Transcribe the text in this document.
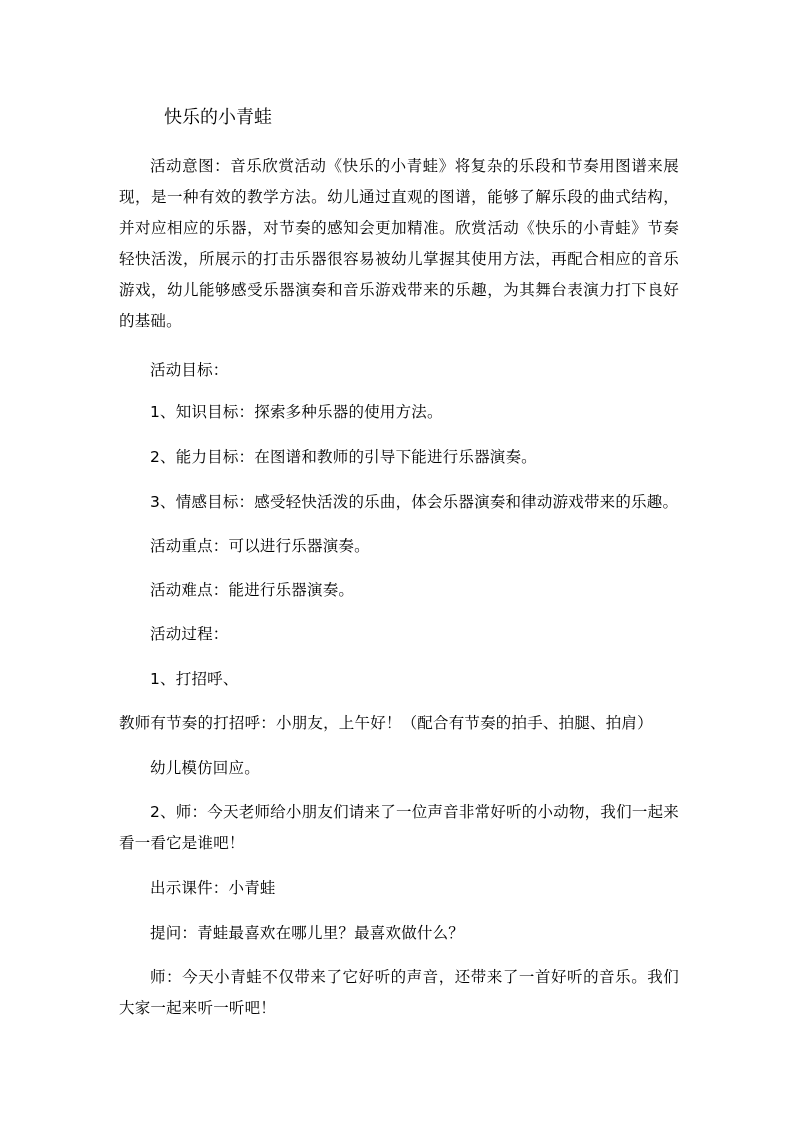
快乐的小青蛙

活动意图：音乐欣赏活动《快乐的小青蛙》将复杂的乐段和节奏用图谱来展现，是一种有效的教学方法。幼儿通过直观的图谱，能够了解乐段的曲式结构，并对应相应的乐器，对节奏的感知会更加精准。欣赏活动《快乐的小青蛙》节奏轻快活泼，所展示的打击乐器很容易被幼儿掌握其使用方法，再配合相应的音乐游戏，幼儿能够感受乐器演奏和音乐游戏带来的乐趣，为其舞台表演力打下良好的基础。

活动目标：

1、知识目标：探索多种乐器的使用方法。

2、能力目标：在图谱和教师的引导下能进行乐器演奏。

3、情感目标：感受轻快活泼的乐曲，体会乐器演奏和律动游戏带来的乐趣。

活动重点：可以进行乐器演奏。

活动难点：能进行乐器演奏。

活动过程：

1、打招呼、

教师有节奏的打招呼：小朋友，上午好！（配合有节奏的拍手、拍腿、拍肩）

幼儿模仿回应。

2、师：今天老师给小朋友们请来了一位声音非常好听的小动物，我们一起来看一看它是谁吧！

出示课件：小青蛙

提问：青蛙最喜欢在哪儿里？最喜欢做什么？

师：今天小青蛙不仅带来了它好听的声音，还带来了一首好听的音乐。我们大家一起来听一听吧！
